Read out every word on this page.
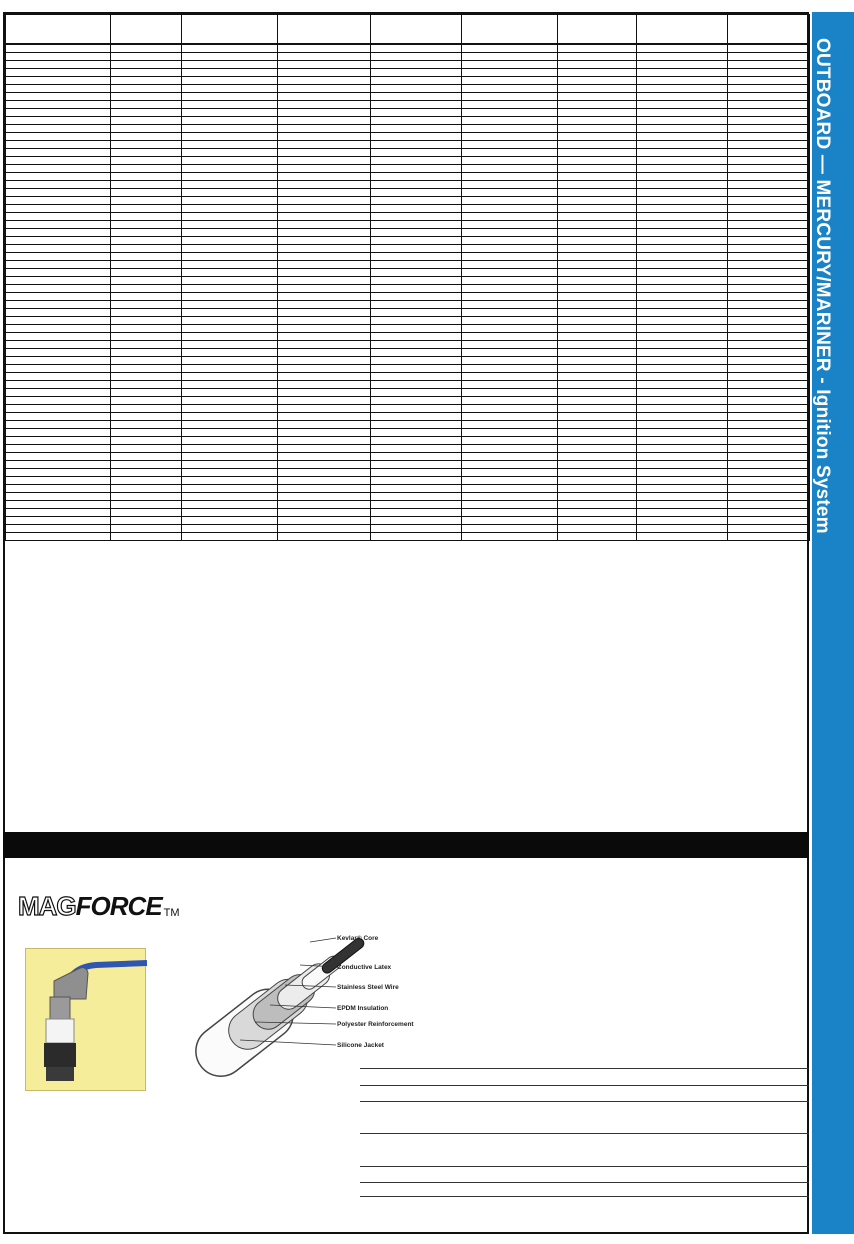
OUTBOARD — MERCURY/MARINER - Ignition System

MAG FORCE TM
Kevlar® Core
Conductive Latex
Stainless Steel Wire
EPDM Insulation
Polyester Reinforcement
Silicone Jacket
